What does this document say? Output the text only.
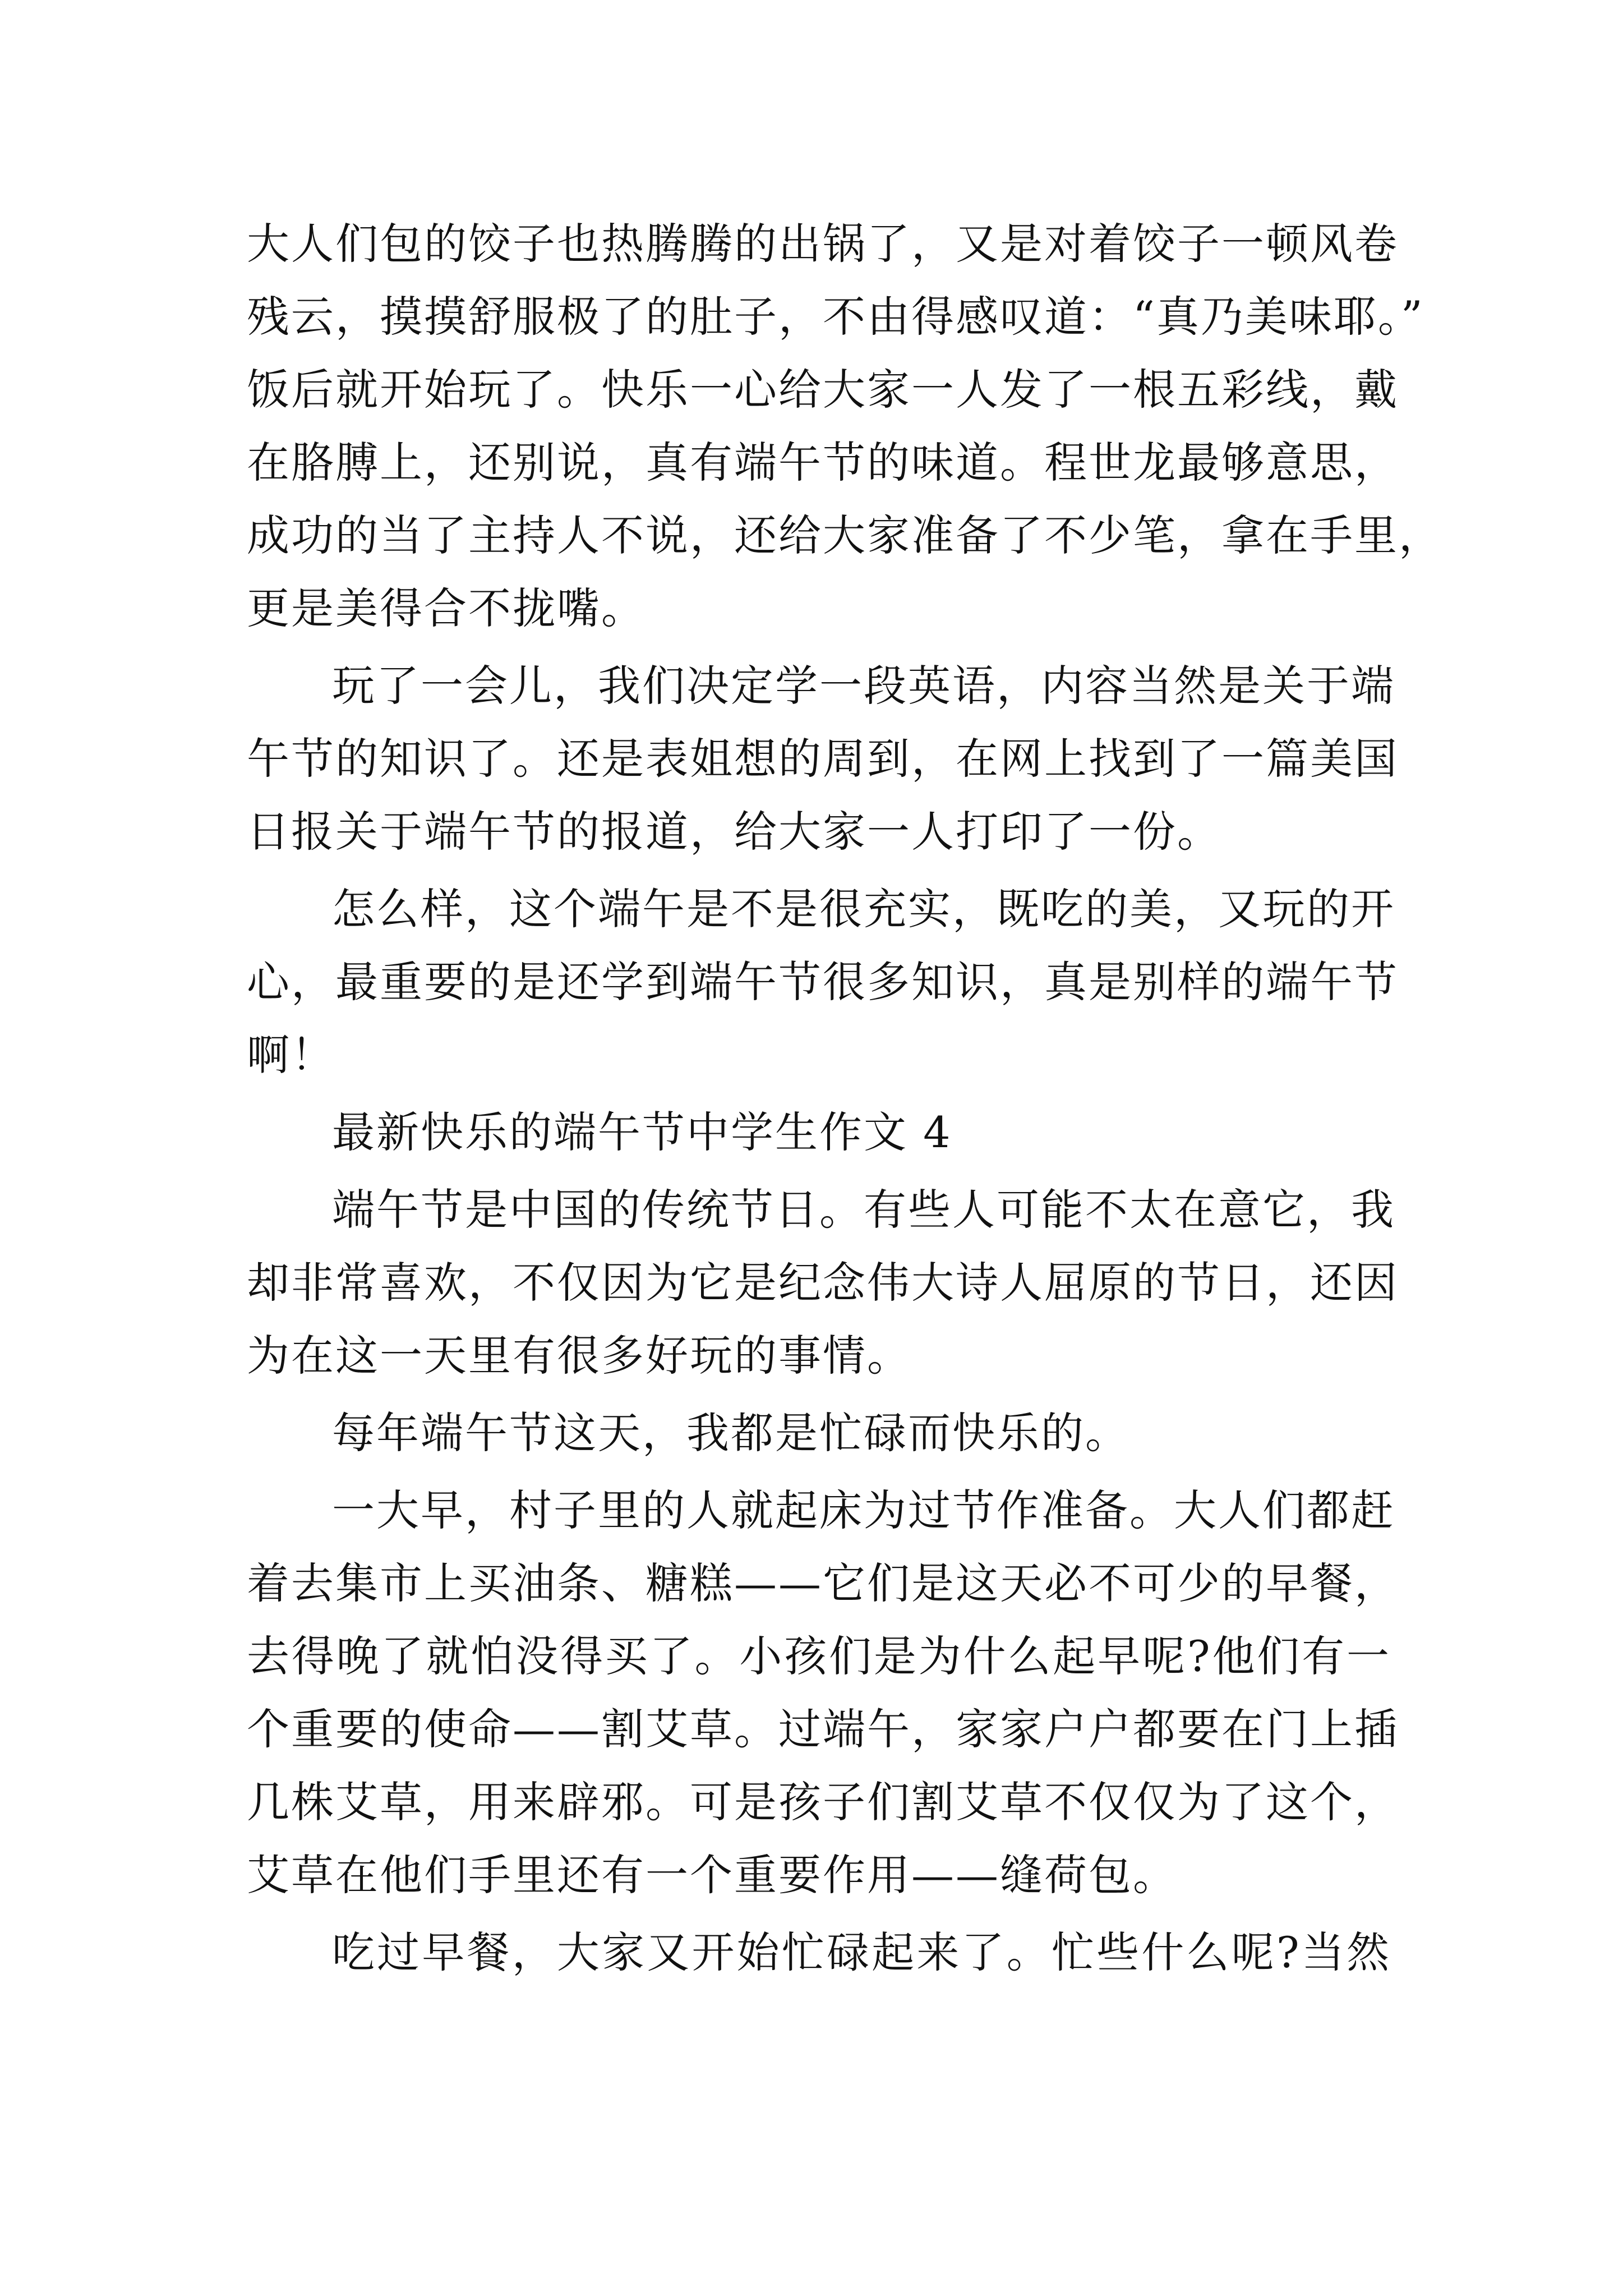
大人们包的饺子也热腾腾的出锅了，又是对着饺子一顿风卷
残云，摸摸舒服极了的肚子，不由得感叹道：“真乃美味耶。”
饭后就开始玩了。快乐一心给大家一人发了一根五彩线，戴
在胳膊上，还别说，真有端午节的味道。程世龙最够意思，
成功的当了主持人不说，还给大家准备了不少笔，拿在手里，
更是美得合不拢嘴。
玩了一会儿，我们决定学一段英语，内容当然是关于端
午节的知识了。还是表姐想的周到，在网上找到了一篇美国
日报关于端午节的报道，给大家一人打印了一份。
怎么样，这个端午是不是很充实，既吃的美，又玩的开
心，最重要的是还学到端午节很多知识，真是别样的端午节
啊！
最新快乐的端午节中学生作文 4
端午节是中国的传统节日。有些人可能不太在意它，我
却非常喜欢，不仅因为它是纪念伟大诗人屈原的节日，还因
为在这一天里有很多好玩的事情。
每年端午节这天，我都是忙碌而快乐的。
一大早，村子里的人就起床为过节作准备。大人们都赶
着去集市上买油条、糖糕——它们是这天必不可少的早餐，
去得晚了就怕没得买了。小孩们是为什么起早呢?他们有一
个重要的使命——割艾草。过端午，家家户户都要在门上插
几株艾草，用来辟邪。可是孩子们割艾草不仅仅为了这个，
艾草在他们手里还有一个重要作用——缝荷包。
吃过早餐，大家又开始忙碌起来了。忙些什么呢?当然
